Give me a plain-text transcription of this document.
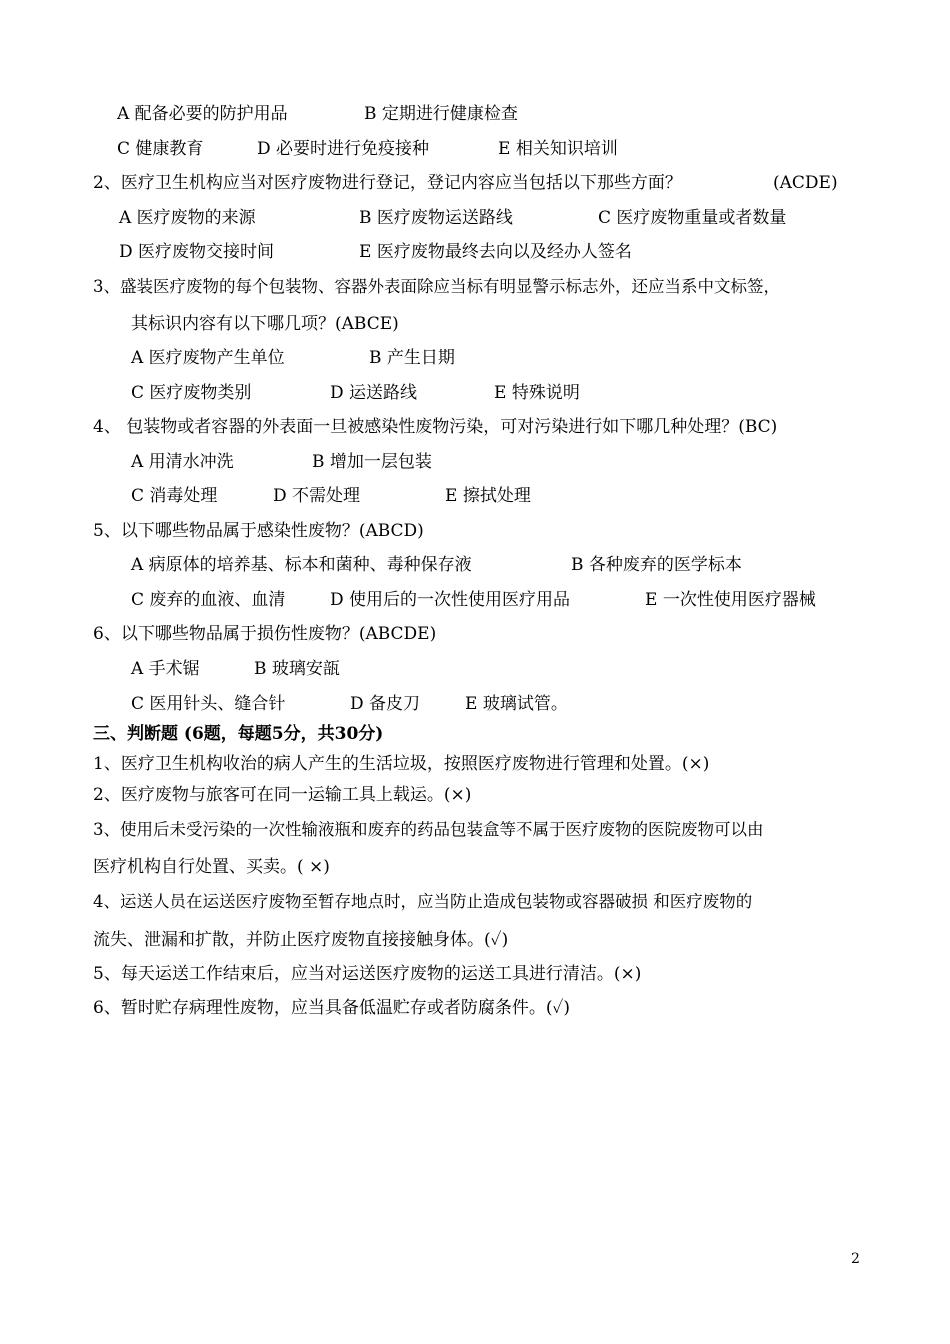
A 配备必要的防护用品	B 定期进行健康检查
C 健康教育	D 必要时进行免疫接种	E 相关知识培训
2、医疗卫生机构应当对医疗废物进行登记，登记内容应当包括以下那些方面？	(ACDE)
A 医疗废物的来源	B 医疗废物运送路线	C 医疗废物重量或者数量
D 医疗废物交接时间	E 医疗废物最终去向以及经办人签名
3、盛装医疗废物的每个包装物、容器外表面除应当标有明显警示标志外，还应当系中文标签，
其标识内容有以下哪几项？(ABCE)
A 医疗废物产生单位	B 产生日期
C 医疗废物类别	D 运送路线	E 特殊说明
4、 包装物或者容器的外表面一旦被感染性废物污染，可对污染进行如下哪几种处理？(BC)
A 用清水冲洗	B 增加一层包装
C 消毒处理	D 不需处理	E 擦拭处理
5、以下哪些物品属于感染性废物？(ABCD)
A 病原体的培养基、标本和菌种、毒种保存液	B 各种废弃的医学标本
C 废弃的血液、血清	D 使用后的一次性使用医疗用品	E 一次性使用医疗器械
6、以下哪些物品属于损伤性废物？(ABCDE)
A 手术锯	B 玻璃安瓿
C 医用针头、缝合针	D 备皮刀	E 玻璃试管。
三、判断题 (6题，每题5分，共30分)
1、医疗卫生机构收治的病人产生的生活垃圾，按照医疗废物进行管理和处置。(×)
2、医疗废物与旅客可在同一运输工具上载运。(×)
3、使用后未受污染的一次性输液瓶和废弃的药品包装盒等不属于医疗废物的医院废物可以由
医疗机构自行处置、买卖。( ×)
4、运送人员在运送医疗废物至暂存地点时，应当防止造成包装物或容器破损 和医疗废物的
流失、泄漏和扩散，并防止医疗废物直接接触身体。(✓)
5、每天运送工作结束后，应当对运送医疗废物的运送工具进行清洁。(×)
6、暂时贮存病理性废物，应当具备低温贮存或者防腐条件。(✓)
2
